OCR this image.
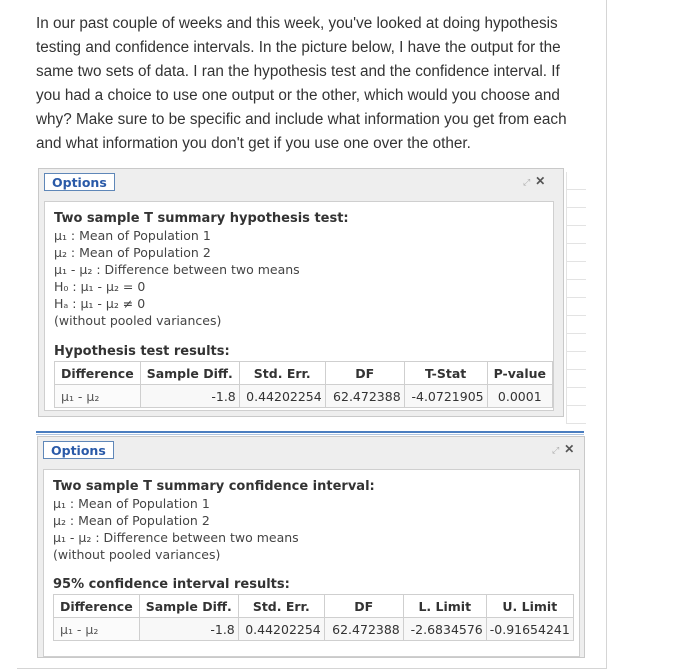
In our past couple of weeks and this week, you've looked at doing hypothesis testing and confidence intervals. In the picture below, I have the output for the same two sets of data. I ran the hypothesis test and the confidence interval. If you had a choice to use one output or the other, which would you choose and why? Make sure to be specific and include what information you get from each and what information you don't get if you use one over the other.
Options	⤢ ✕
Two sample T summary hypothesis test:
μ₁ : Mean of Population 1
μ₂ : Mean of Population 2
μ₁ - μ₂ : Difference between two means
H₀ : μ₁ - μ₂ = 0
Hₐ : μ₁ - μ₂ ≠ 0
(without pooled variances)
Hypothesis test results:
Difference	Sample Diff.	Std. Err.	DF	T-Stat	P-value
μ₁ - μ₂	-1.8	0.44202254	62.472388	-4.0721905	0.0001
Options	⤢ ✕
Two sample T summary confidence interval:
μ₁ : Mean of Population 1
μ₂ : Mean of Population 2
μ₁ - μ₂ : Difference between two means
(without pooled variances)
95% confidence interval results:
Difference	Sample Diff.	Std. Err.	DF	L. Limit	U. Limit
μ₁ - μ₂	-1.8	0.44202254	62.472388	-2.6834576	-0.91654241
